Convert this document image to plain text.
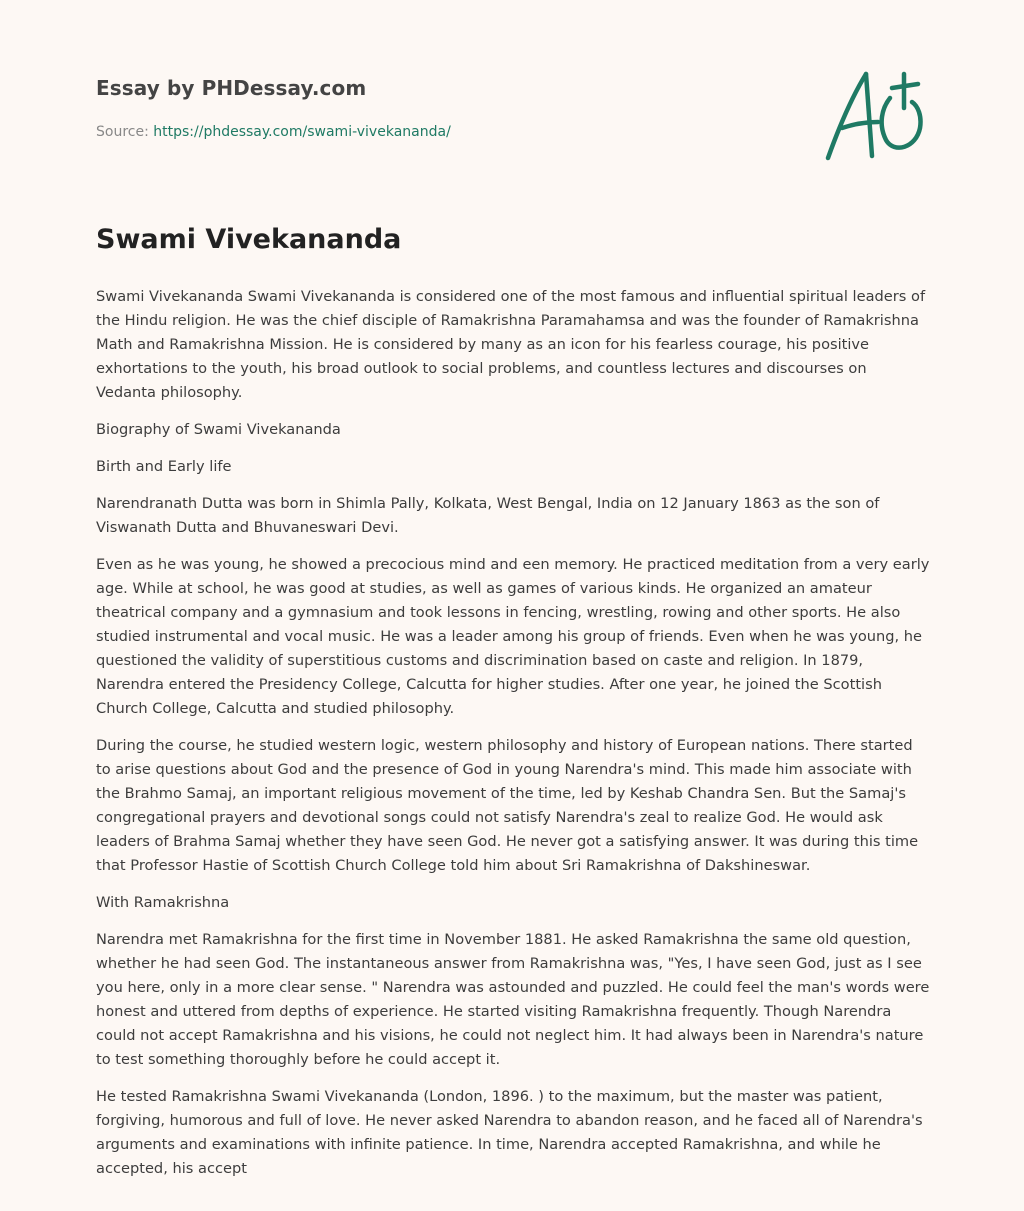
Essay by PHDessay.com
Source: https://phdessay.com/swami-vivekananda/
Swami Vivekananda

Swami Vivekananda Swami Vivekananda is considered one of the most famous and influential spiritual leaders of the Hindu religion. He was the chief disciple of Ramakrishna Paramahamsa and was the founder of Ramakrishna Math and Ramakrishna Mission. He is considered by many as an icon for his fearless courage, his positive exhortations to the youth, his broad outlook to social problems, and countless lectures and discourses on Vedanta philosophy.

Biography of Swami Vivekananda

Birth and Early life

Narendranath Dutta was born in Shimla Pally, Kolkata, West Bengal, India on 12 January 1863 as the son of Viswanath Dutta and Bhuvaneswari Devi.

Even as he was young, he showed a precocious mind and een memory. He practiced meditation from a very early age. While at school, he was good at studies, as well as games of various kinds. He organized an amateur theatrical company and a gymnasium and took lessons in fencing, wrestling, rowing and other sports. He also studied instrumental and vocal music. He was a leader among his group of friends. Even when he was young, he questioned the validity of superstitious customs and discrimination based on caste and religion. In 1879, Narendra entered the Presidency College, Calcutta for higher studies. After one year, he joined the Scottish Church College, Calcutta and studied philosophy.

During the course, he studied western logic, western philosophy and history of European nations. There started to arise questions about God and the presence of God in young Narendra's mind. This made him associate with the Brahmo Samaj, an important religious movement of the time, led by Keshab Chandra Sen. But the Samaj's congregational prayers and devotional songs could not satisfy Narendra's zeal to realize God. He would ask leaders of Brahma Samaj whether they have seen God. He never got a satisfying answer. It was during this time that Professor Hastie of Scottish Church College told him about Sri Ramakrishna of Dakshineswar.

With Ramakrishna

Narendra met Ramakrishna for the first time in November 1881. He asked Ramakrishna the same old question, whether he had seen God. The instantaneous answer from Ramakrishna was, "Yes, I have seen God, just as I see you here, only in a more clear sense. " Narendra was astounded and puzzled. He could feel the man's words were honest and uttered from depths of experience. He started visiting Ramakrishna frequently. Though Narendra could not accept Ramakrishna and his visions, he could not neglect him. It had always been in Narendra's nature to test something thoroughly before he could accept it.

He tested Ramakrishna Swami Vivekananda (London, 1896. ) to the maximum, but the master was patient, forgiving, humorous and full of love. He never asked Narendra to abandon reason, and he faced all of Narendra's arguments and examinations with infinite patience. In time, Narendra accepted Ramakrishna, and while he accepted, his accept
